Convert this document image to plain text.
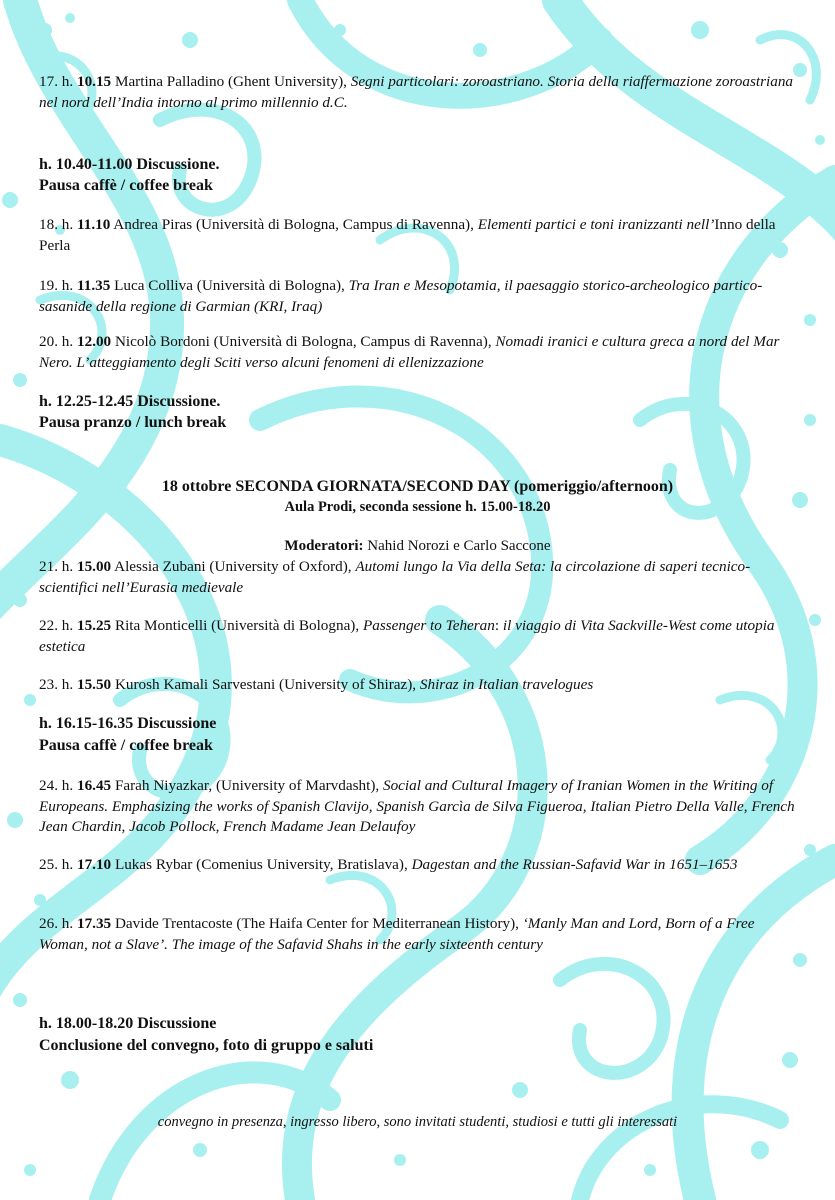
17. h. 10.15 Martina Palladino (Ghent University), Segni particolari: zoroastriano. Storia della riaffermazione zoroastriana nel nord dell’India intorno al primo millennio d.C.
h. 10.40-11.00 Discussione.
Pausa caffè / coffee break
18. h. 11.10 Andrea Piras (Università di Bologna, Campus di Ravenna), Elementi partici e toni iranizzanti nell’Inno della Perla
19. h. 11.35 Luca Colliva (Università di Bologna), Tra Iran e Mesopotamia, il paesaggio storico-archeologico partico-sasanide della regione di Garmian (KRI, Iraq)
20. h. 12.00 Nicolò Bordoni (Università di Bologna, Campus di Ravenna), Nomadi iranici e cultura greca a nord del Mar Nero. L’atteggiamento degli Sciti verso alcuni fenomeni di ellenizzazione
h. 12.25-12.45 Discussione.
Pausa pranzo / lunch break
18 ottobre SECONDA GIORNATA/SECOND DAY (pomeriggio/afternoon)
Aula Prodi, seconda sessione h. 15.00-18.20
Moderatori: Nahid Norozi e Carlo Saccone
21. h. 15.00 Alessia Zubani (University of Oxford), Automi lungo la Via della Seta: la circolazione di saperi tecnico-scientifici nell’Eurasia medievale
22. h. 15.25 Rita Monticelli (Università di Bologna), Passenger to Teheran: il viaggio di Vita Sackville-West come utopia estetica
23. h. 15.50 Kurosh Kamali Sarvestani (University of Shiraz), Shiraz in Italian travelogues
h. 16.15-16.35 Discussione
Pausa caffè / coffee break
24. h. 16.45 Farah Niyazkar, (University of Marvdasht), Social and Cultural Imagery of Iranian Women in the Writing of Europeans. Emphasizing the works of Spanish Clavijo, Spanish Garcìa de Silva Figueroa, Italian Pietro Della Valle, French Jean Chardin, Jacob Pollock, French Madame Jean Delaufoy
25. h. 17.10 Lukas Rybar (Comenius University, Bratislava), Dagestan and the Russian-Safavid War in 1651–1653
26. h. 17.35 Davide Trentacoste (The Haifa Center for Mediterranean History), ‘Manly Man and Lord, Born of a Free Woman, not a Slave’. The image of the Safavid Shahs in the early sixteenth century
h. 18.00-18.20 Discussione
Conclusione del convegno, foto di gruppo e saluti
convegno in presenza, ingresso libero, sono invitati studenti, studiosi e tutti gli interessati
